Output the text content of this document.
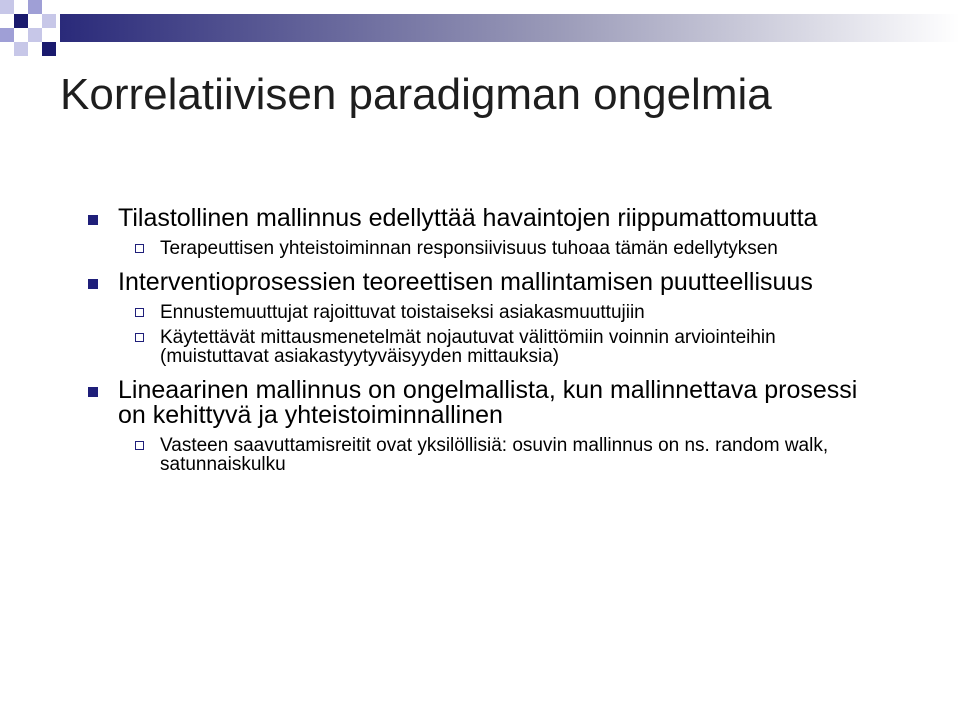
Korrelatiivisen paradigman ongelmia
Tilastollinen mallinnus edellyttää havaintojen riippumattomuutta
Terapeuttisen yhteistoiminnan responsiivisuus tuhoaa tämän edellytyksen
Interventioprosessien teoreettisen mallintamisen puutteellisuus
Ennustemuuttujat rajoittuvat toistaiseksi asiakasmuuttujiin
Käytettävät mittausmenetelmät nojautuvat välittömiin voinnin arviointeihin (muistuttavat asiakastyytyväisyyden mittauksia)
Lineaarinen mallinnus on ongelmallista, kun mallinnettava prosessi on kehittyvä ja yhteistoiminnallinen
Vasteen saavuttamisreitit ovat yksilöllisiä: osuvin mallinnus on ns. random walk, satunnaiskulku
